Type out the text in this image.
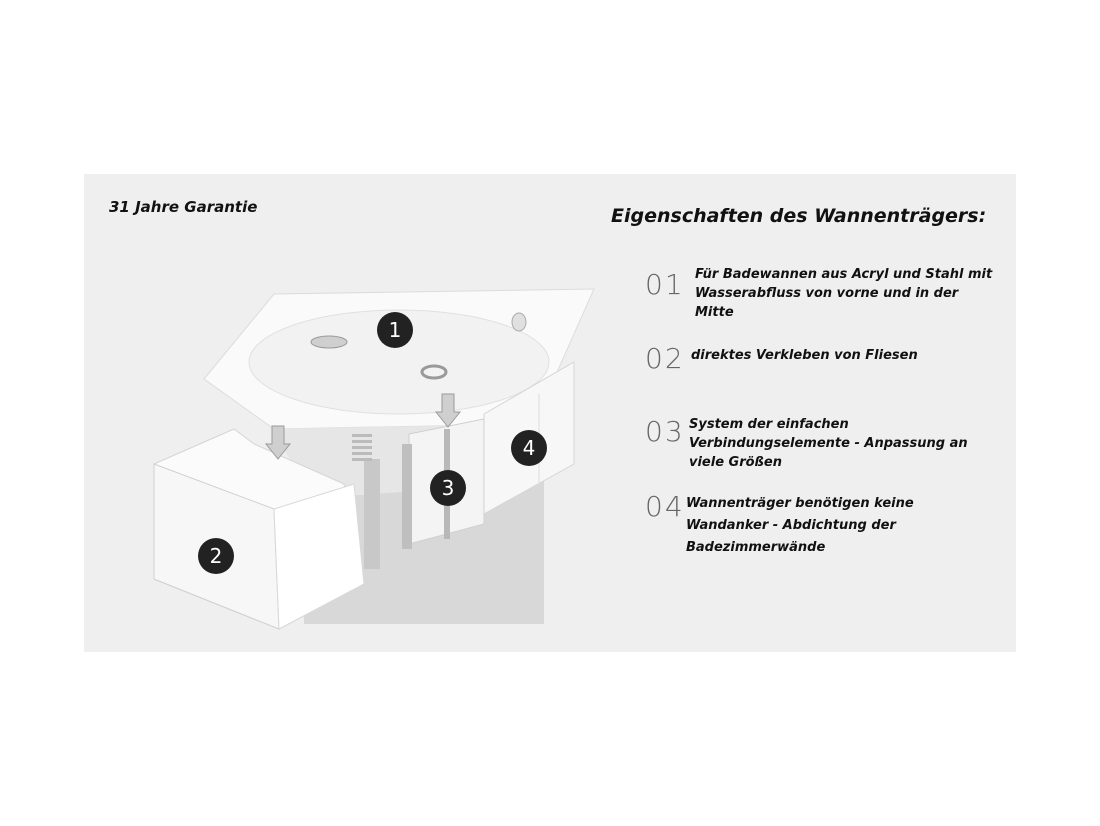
31 Jahre Garantie
1
2
3
4
Eigenschaften des Wannenträgers:
01 Für Badewannen aus Acryl und Stahl mit
Wasserabfluss von vorne und in der Mitte
02 direktes Verkleben von Fliesen
03 System der einfachen
Verbindungselemente - Anpassung an
viele Größen
04 Wannenträger benötigen keine
Wandanker - Abdichtung der
Badezimmerwände
